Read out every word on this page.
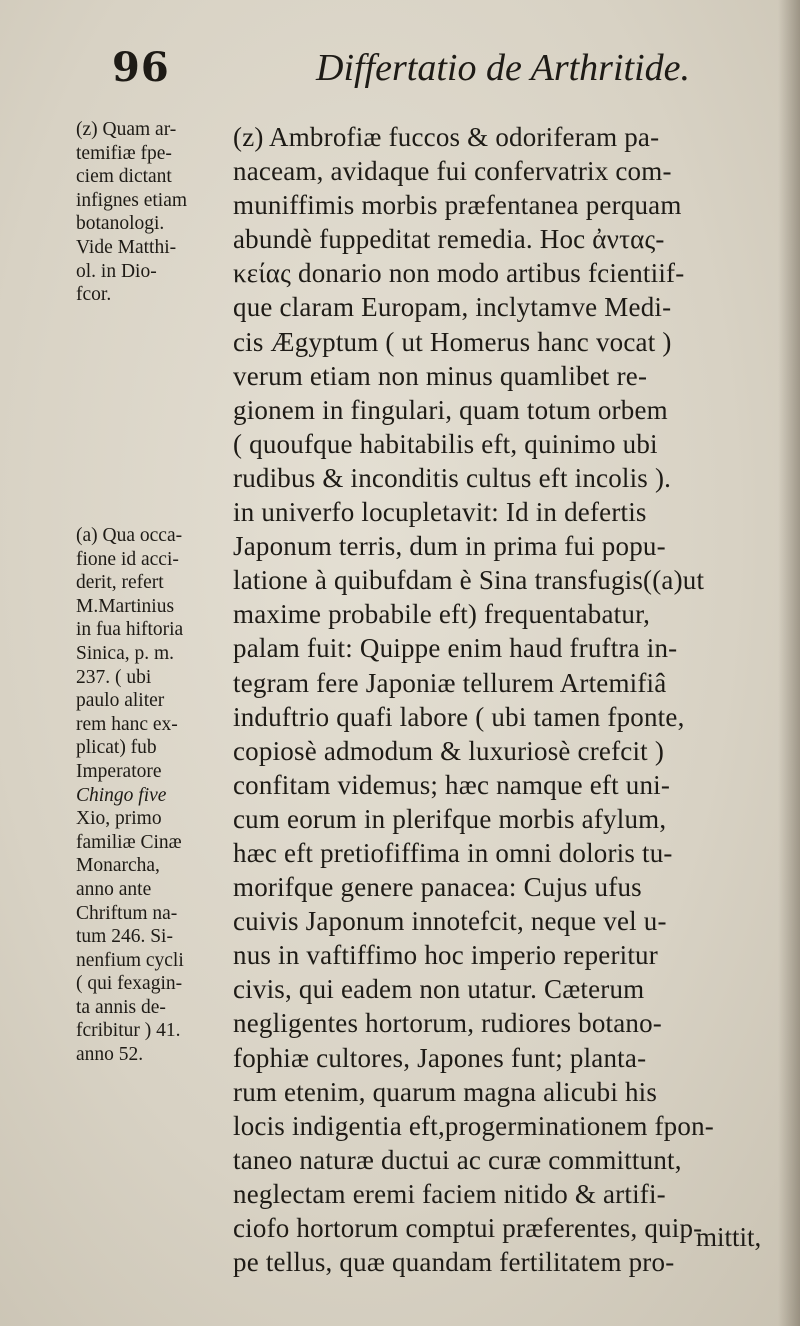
96	Differtatio de Arthritide.
(z) Quam ar-
temifiæ fpe-
ciem dictant
infignes etiam
botanologi.
Vide Matthi-
ol. in Dio-
fcor.
(a) Qua occa-
fione id acci-
derit, refert
M.Martinius
in fua hiftoria
Sinica, p. m.
237. ( ubi
paulo aliter
rem hanc ex-
plicat) fub
Imperatore
Chingo five
Xio, primo
familiæ Cinæ
Monarcha,
anno ante
Chriftum na-
tum 246. Si-
nenfium cycli
( qui fexagin-
ta annis de-
fcribitur ) 41.
anno 52.
(z) Ambrofiæ fuccos & odoriferam pa-
naceam, avidaque fui confervatrix com-
muniffimis morbis præfentanea perquam
abundè fuppeditat remedia. Hoc ἀντας-
κείας donario non modo artibus fcientiif-
que claram Europam, inclytamve Medi-
cis Ægyptum ( ut Homerus hanc vocat )
verum etiam non minus quamlibet re-
gionem in fingulari, quam totum orbem
( quoufque habitabilis eft, quinimo ubi
rudibus & inconditis cultus eft incolis ).
in univerfo locupletavit: Id in defertis
Japonum terris, dum in prima fui popu-
latione à quibufdam è Sina transfugis((a)ut
maxime probabile eft) frequentabatur,
palam fuit: Quippe enim haud fruftra in-
tegram fere Japoniæ tellurem Artemifiâ
induftrio quafi labore ( ubi tamen fponte,
copiosè admodum & luxuriosè crefcit )
confitam videmus; hæc namque eft uni-
cum eorum in plerifque morbis afylum,
hæc eft pretiofiffima in omni doloris tu-
morifque genere panacea: Cujus ufus
cuivis Japonum innotefcit, neque vel u-
nus in vaftiffimo hoc imperio reperitur
civis, qui eadem non utatur. Cæterum
negligentes hortorum, rudiores botano-
fophiæ cultores, Japones funt; planta-
rum etenim, quarum magna alicubi his
locis indigentia eft,progerminationem fpon-
taneo naturæ ductui ac curæ committunt,
neglectam eremi faciem nitido & artifi-
ciofo hortorum comptui præferentes, quip-
pe tellus, quæ quandam fertilitatem pro-
mittit,
